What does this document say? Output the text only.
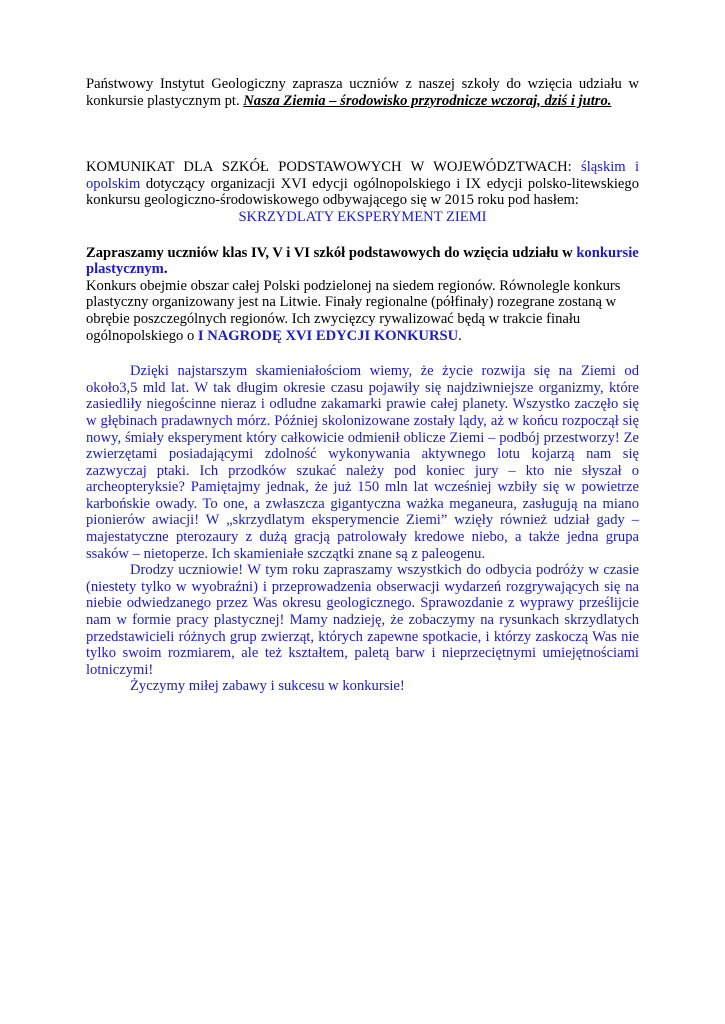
Państwowy Instytut Geologiczny zaprasza uczniów z naszej szkoły do wzięcia udziału w konkursie plastycznym pt. Nasza Ziemia – środowisko przyrodnicze wczoraj, dziś i jutro.

KOMUNIKAT DLA SZKÓŁ PODSTAWOWYCH W WOJEWÓDZTWACH: śląskim i opolskim dotyczący organizacji XVI edycji ogólnopolskiego i IX edycji polsko-litewskiego konkursu geologiczno-środowiskowego odbywającego się w 2015 roku pod hasłem:

SKRZYDLATY EKSPERYMENT ZIEMI

Zapraszamy uczniów klas IV, V i VI szkół podstawowych do wzięcia udziału w konkursie plastycznym.

Konkurs obejmie obszar całej Polski podzielonej na siedem regionów. Równolegle konkurs plastyczny organizowany jest na Litwie. Finały regionalne (półfinały) rozegrane zostaną w obrębie poszczególnych regionów. Ich zwycięzcy rywalizować będą w trakcie finału ogólnopolskiego o I NAGRODĘ XVI EDYCJI KONKURSU.

Dzięki najstarszym skamieniałościom wiemy, że życie rozwija się na Ziemi od około3,5 mld lat. W tak długim okresie czasu pojawiły się najdziwniejsze organizmy, które zasiedliły niegościnne nieraz i odludne zakamarki prawie całej planety. Wszystko zaczęło się w głębinach pradawnych mórz. Później skolonizowane zostały lądy, aż w końcu rozpoczął się nowy, śmiały eksperyment który całkowicie odmienił oblicze Ziemi – podbój przestworzy! Ze zwierzętami posiadającymi zdolność wykonywania aktywnego lotu kojarzą nam się zazwyczaj ptaki. Ich przodków szukać należy pod koniec jury – kto nie słyszał o archeopteryksie? Pamiętajmy jednak, że już 150 mln lat wcześniej wzbiły się w powietrze karbońskie owady. To one, a zwłaszcza gigantyczna ważka meganeura, zasługują na miano pionierów awiacji! W „skrzydlatym eksperymencie Ziemi” wzięły również udział gady – majestatyczne pterozaury z dużą gracją patrolowały kredowe niebo, a także jedna grupa ssaków – nietoperze. Ich skamieniałe szczątki znane są z paleogenu.

Drodzy uczniowie! W tym roku zapraszamy wszystkich do odbycia podróży w czasie (niestety tylko w wyobraźni) i przeprowadzenia obserwacji wydarzeń rozgrywających się na niebie odwiedzanego przez Was okresu geologicznego. Sprawozdanie z wyprawy prześlijcie nam w formie pracy plastycznej! Mamy nadzieję, że zobaczymy na rysunkach skrzydlatych przedstawicieli różnych grup zwierząt, których zapewne spotkacie, i którzy zaskoczą Was nie tylko swoim rozmiarem, ale też kształtem, paletą barw i nieprzeciętnymi umiejętnościami lotniczymi!

Życzymy miłej zabawy i sukcesu w konkursie!
